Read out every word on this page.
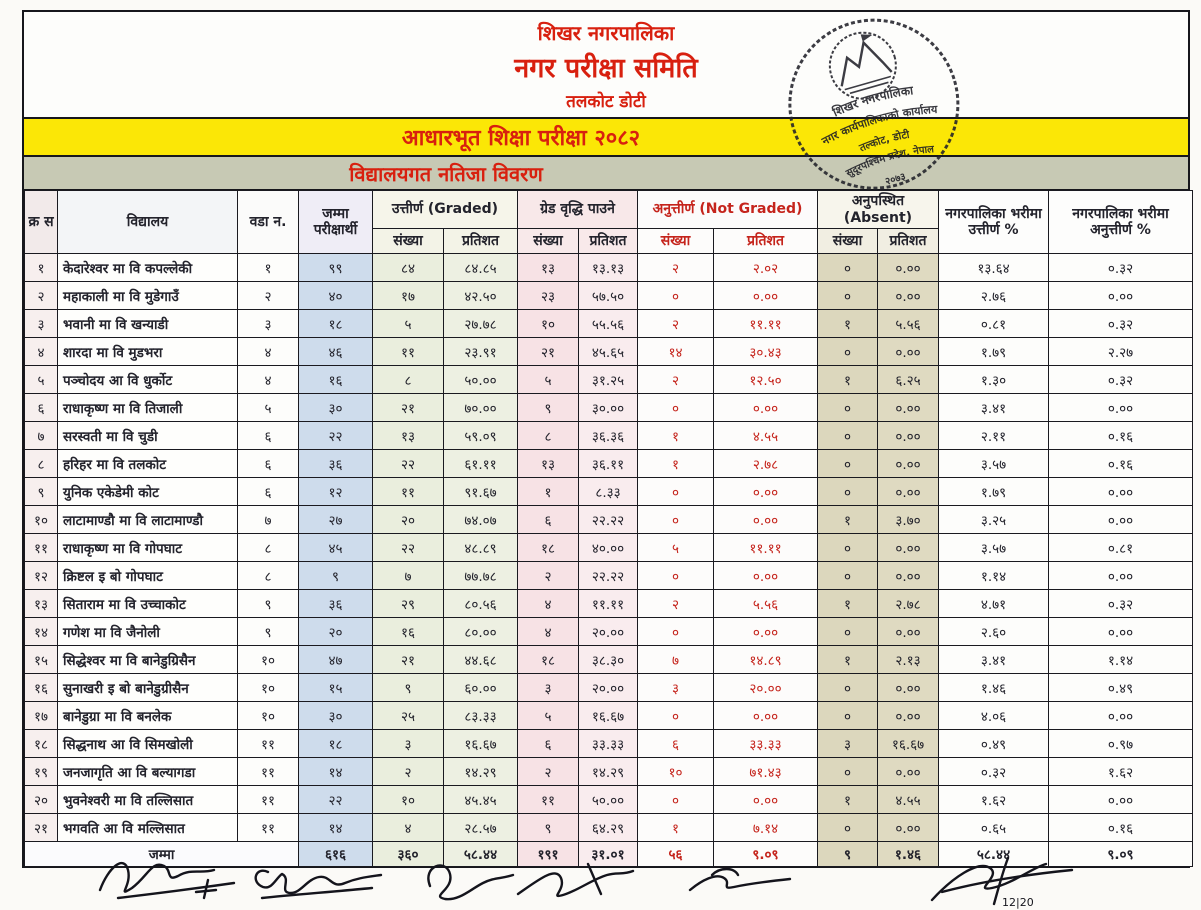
शिखर नगरपालिका
नगर परीक्षा समिति
तलकोट डोटी
आधारभूत शिक्षा परीक्षा २०८२
विद्यालयगत नतिजा विवरण
शिखर नगरपालिका
नगर कार्यपालिकाको कार्यालय
तल्कोट, डोटी
सुदूरपश्चिम प्रदेश, नेपाल
२०७३
क्र स	विद्यालय	वडा न.	जम्मा परीक्षार्थी	उत्तीर्ण (Graded)		ग्रेड वृद्धि पाउने		अनुत्तीर्ण (Not Graded)		अनुपस्थित (Absent)		नगरपालिका भरीमा उत्तीर्ण %	नगरपालिका भरीमा अनुत्तीर्ण %
				संख्या	प्रतिशत	संख्या	प्रतिशत	संख्या	प्रतिशत	संख्या	प्रतिशत		
१	केदारेश्वर मा वि कपल्लेकी	१	९९	८४	८४.८५	१३	१३.१३	२	२.०२	०	०.००	१३.६४	०.३२
२	महाकाली मा वि मुडेगाउँ	२	४०	१७	४२.५०	२३	५७.५०	०	०.००	०	०.००	२.७६	०.००
३	भवानी मा वि खन्याडी	३	१८	५	२७.७८	१०	५५.५६	२	११.११	१	५.५६	०.८१	०.३२
४	शारदा मा वि मुडभरा	४	४६	११	२३.९१	२१	४५.६५	१४	३०.४३	०	०.००	१.७९	२.२७
५	पञ्चोदय आ वि धुर्कोट	४	१६	८	५०.००	५	३१.२५	२	१२.५०	१	६.२५	१.३०	०.३२
६	राधाकृष्ण मा वि तिजाली	५	३०	२१	७०.००	९	३०.००	०	०.००	०	०.००	३.४१	०.००
७	सरस्वती मा वि चुडी	६	२२	१३	५९.०९	८	३६.३६	१	४.५५	०	०.००	२.११	०.१६
८	हरिहर मा वि तलकोट	६	३६	२२	६१.११	१३	३६.११	१	२.७८	०	०.००	३.५७	०.१६
९	युनिक एकेडेमी कोट	६	१२	११	९१.६७	१	८.३३	०	०.००	०	०.००	१.७९	०.००
१०	लाटामाण्डौ मा वि लाटामाण्डौ	७	२७	२०	७४.०७	६	२२.२२	०	०.००	१	३.७०	३.२५	०.००
११	राधाकृष्ण मा वि गोपघाट	८	४५	२२	४८.८९	१८	४०.००	५	११.११	०	०.००	३.५७	०.८१
१२	क्रिष्टल इ बो गोपघाट	८	९	७	७७.७८	२	२२.२२	०	०.००	०	०.००	१.१४	०.००
१३	सिताराम मा वि उच्चाकोट	९	३६	२९	८०.५६	४	११.११	२	५.५६	१	२.७८	४.७१	०.३२
१४	गणेश मा वि जैनोली	९	२०	१६	८०.००	४	२०.००	०	०.००	०	०.००	२.६०	०.००
१५	सिद्धेश्वर मा वि बानेडुग्रिसैन	१०	४७	२१	४४.६८	१८	३८.३०	७	१४.८९	१	२.१३	३.४१	१.१४
१६	सुनाखरी इ बो बानेडुग्रीसैन	१०	१५	९	६०.००	३	२०.००	३	२०.००	०	०.००	१.४६	०.४९
१७	बानेडुग्रा मा वि बनलेक	१०	३०	२५	८३.३३	५	१६.६७	०	०.००	०	०.००	४.०६	०.००
१८	सिद्धनाथ आ वि सिमखोली	११	१८	३	१६.६७	६	३३.३३	६	३३.३३	३	१६.६७	०.४९	०.९७
१९	जनजागृति आ वि बल्यागडा	११	१४	२	१४.२९	२	१४.२९	१०	७१.४३	०	०.००	०.३२	१.६२
२०	भुवनेश्वरी मा वि तल्लिसात	११	२२	१०	४५.४५	११	५०.००	०	०.००	१	४.५५	१.६२	०.००
२१	भगवति आ वि मल्लिसात	११	१४	४	२८.५७	९	६४.२९	१	७.१४	०	०.००	०.६५	०.१६
जम्मा			६१६	३६०	५८.४४	१९१	३१.०१	५६	९.०९	९	१.४६	५८.४४	९.०९
12|20
